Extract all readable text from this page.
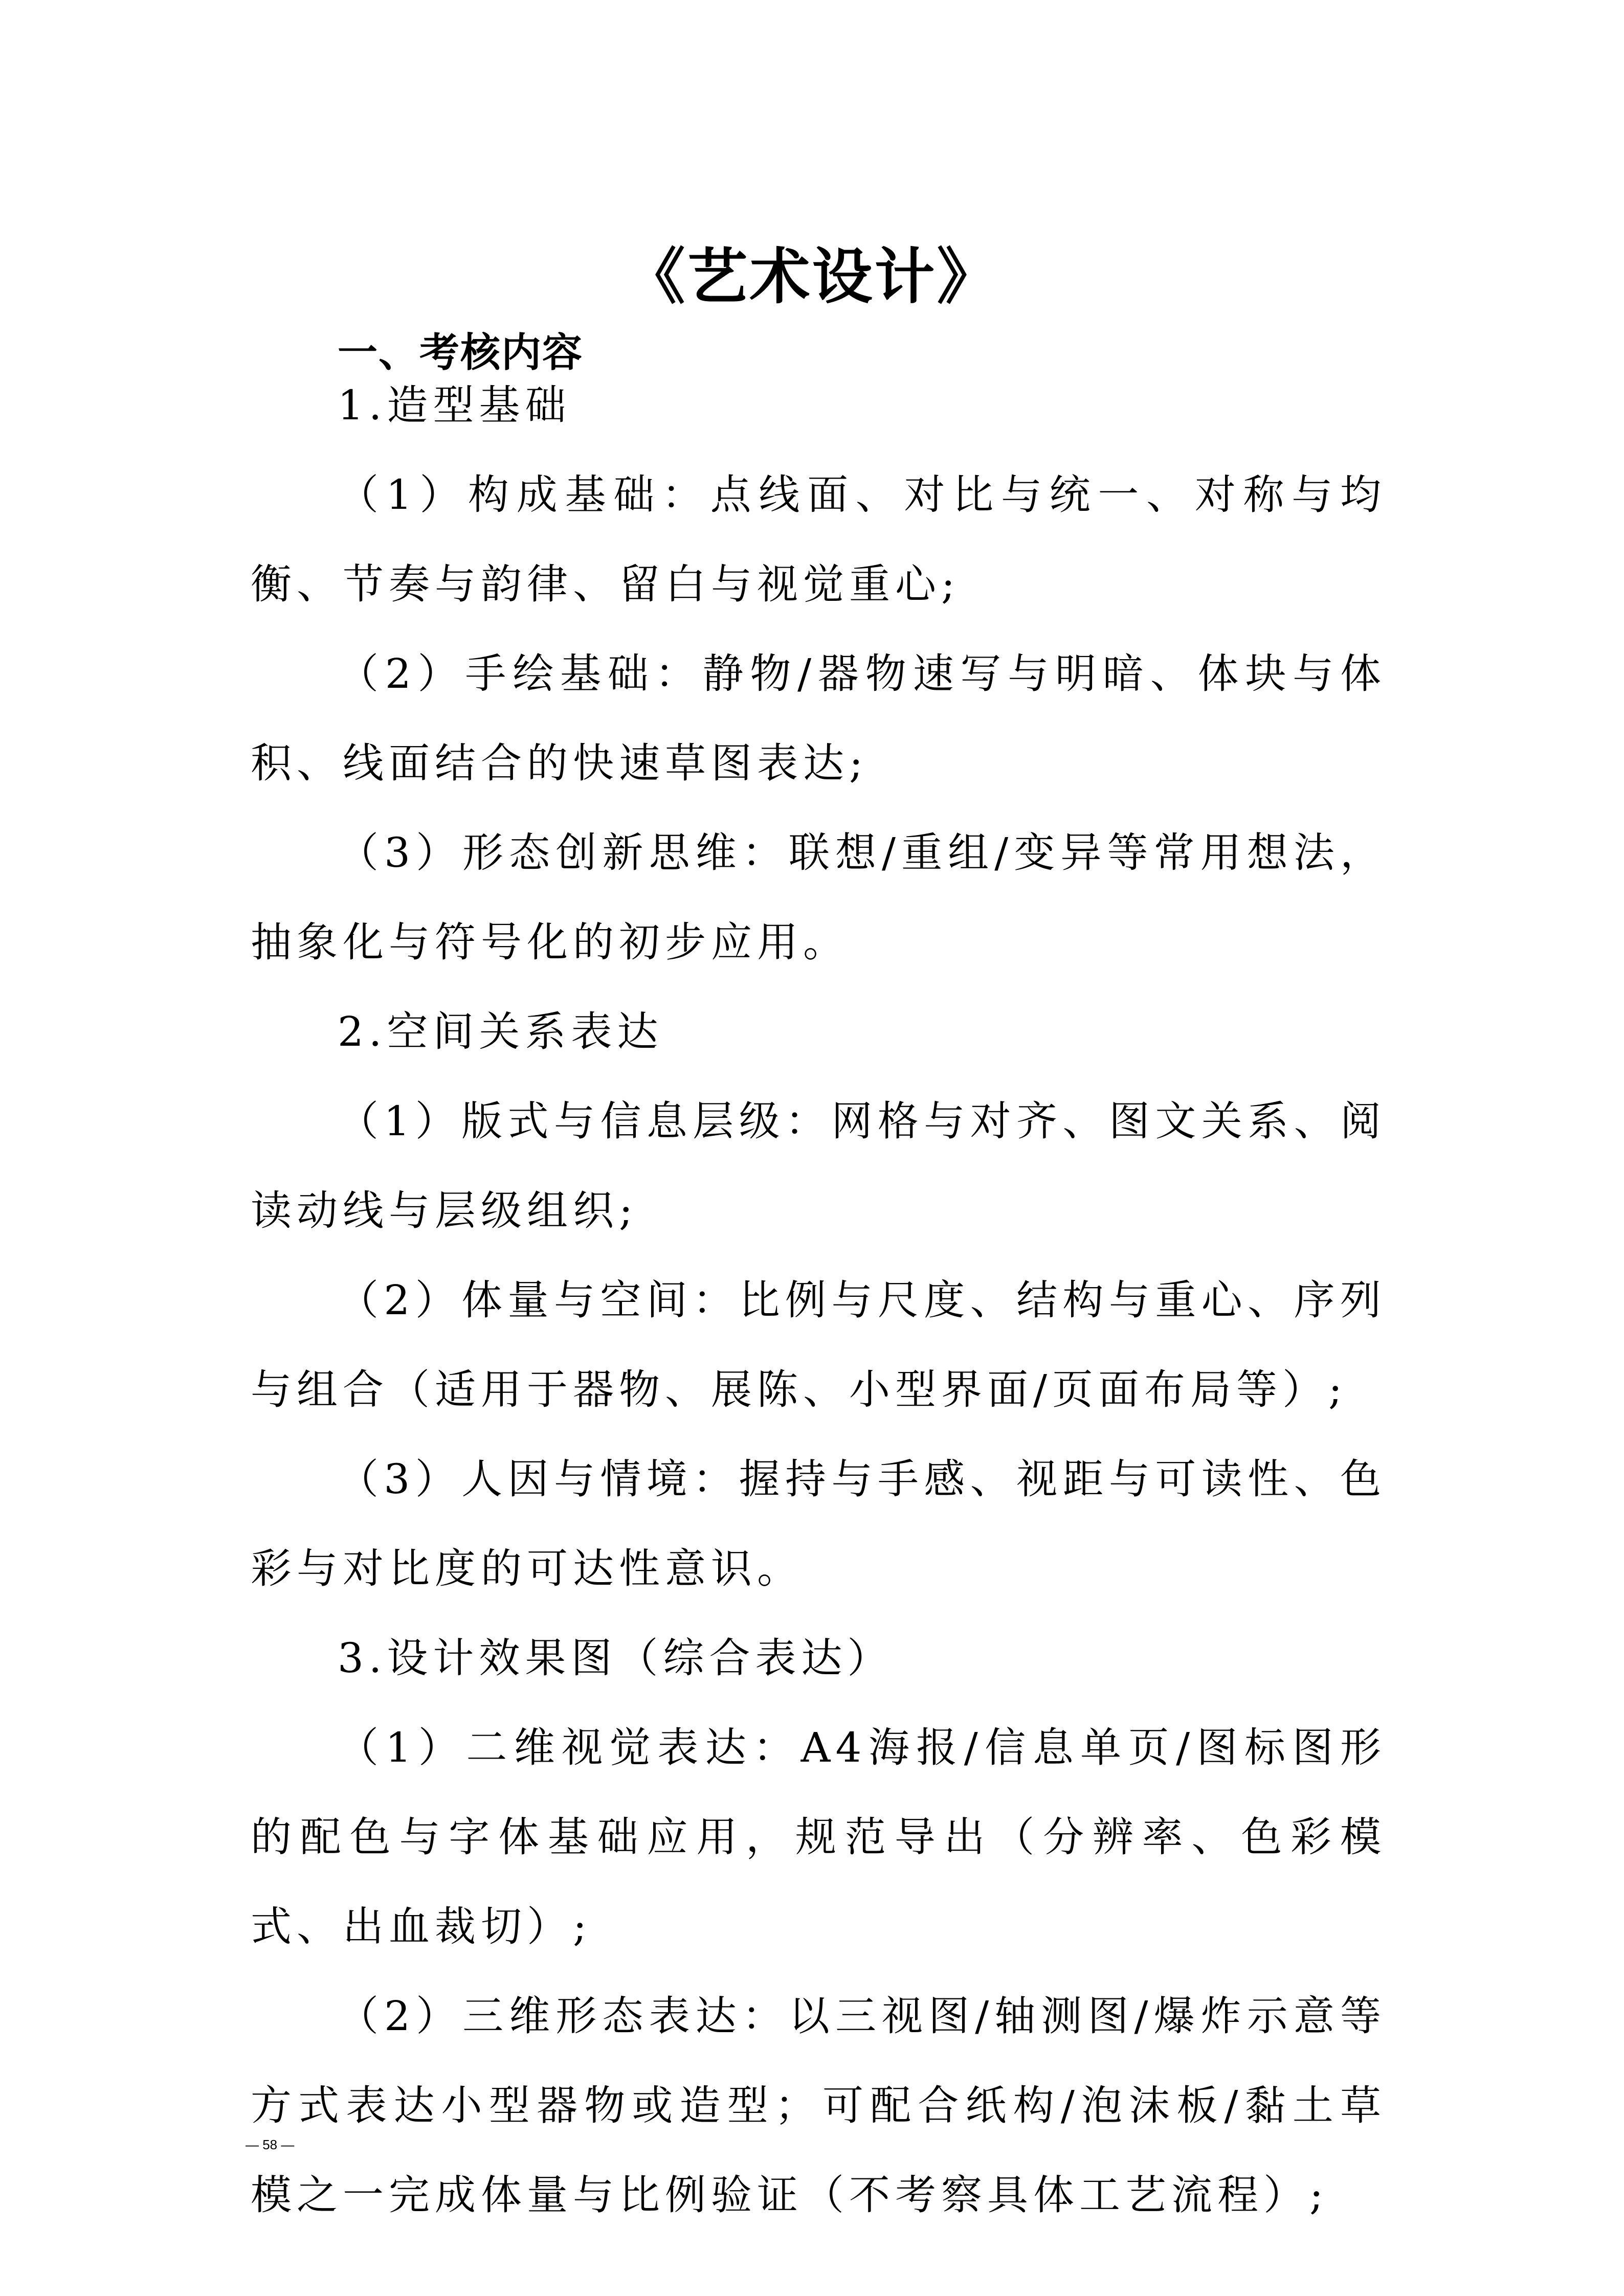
《艺术设计》
一、考核内容

1.造型基础

（1）构成基础：点线面、对比与统一、对称与均衡、节奏与韵律、留白与视觉重心;

（2）手绘基础：静物/器物速写与明暗、体块与体积、线面结合的快速草图表达;

（3）形态创新思维：联想/重组/变异等常用想法，抽象化与符号化的初步应用。

2.空间关系表达

（1）版式与信息层级：网格与对齐、图文关系、阅读动线与层级组织;

（2）体量与空间：比例与尺度、结构与重心、序列与组合（适用于器物、展陈、小型界面/页面布局等）;

（3）人因与情境：握持与手感、视距与可读性、色彩与对比度的可达性意识。

3.设计效果图（综合表达）

（1）二维视觉表达：A4海报/信息单页/图标图形的配色与字体基础应用，规范导出（分辨率、色彩模式、出血裁切）;

（2）三维形态表达：以三视图/轴测图/爆炸示意等方式表达小型器物或造型；可配合纸构/泡沫板/黏土草模之一完成体量与比例验证（不考察具体工艺流程）;

— 58 —
